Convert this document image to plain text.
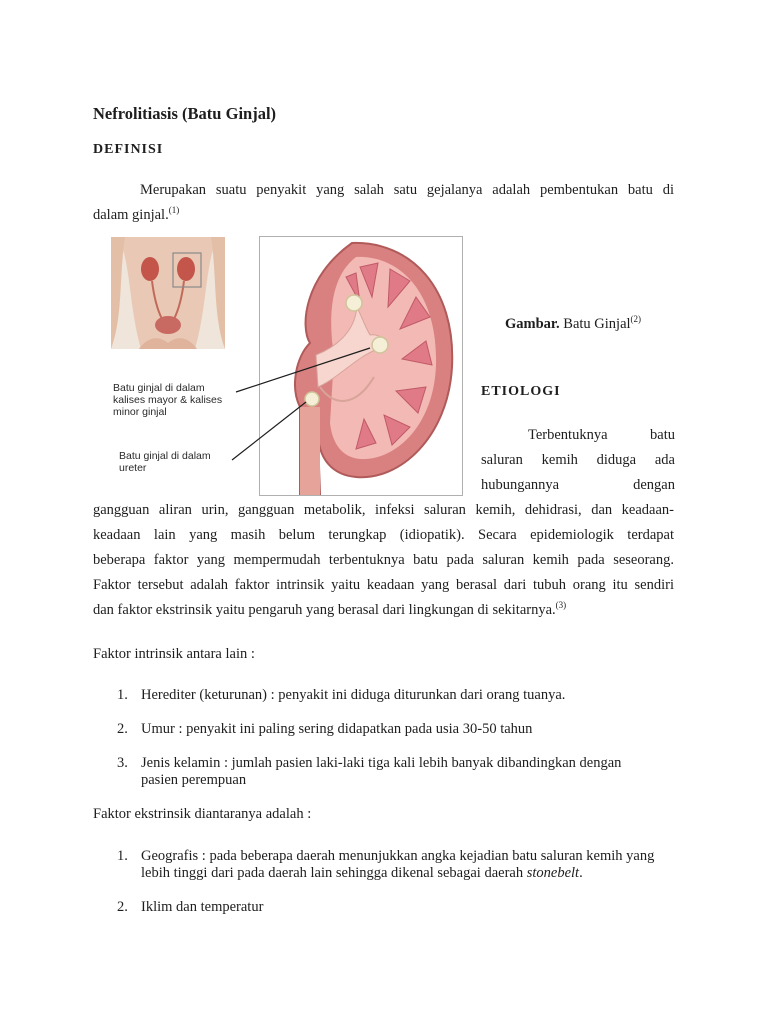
Nefrolitiasis (Batu Ginjal)
DEFINISI
Merupakan suatu penyakit yang salah satu gejalanya adalah pembentukan batu di
dalam ginjal.$^{(1)}$
Batu ginjal di dalam kalises mayor & kalises minor ginjal
Batu ginjal di dalam ureter
Gambar. Batu Ginjal$^{(2)}$
ETIOLOGI
Terbentuknya batu
saluran kemih diduga ada
hubungannya dengan
gangguan aliran urin, gangguan metabolik, infeksi saluran kemih, dehidrasi, dan keadaan-
keadaan lain yang masih belum terungkap (idiopatik). Secara epidemiologik terdapat
beberapa faktor yang mempermudah terbentuknya batu pada saluran kemih pada seseorang.
Faktor tersebut adalah faktor intrinsik yaitu keadaan yang berasal dari tubuh orang itu sendiri
dan faktor ekstrinsik yaitu pengaruh yang berasal dari lingkungan di sekitarnya.$^{(3)}$
Faktor intrinsik antara lain :
1. Herediter (keturunan) : penyakit ini diduga diturunkan dari orang tuanya.
2. Umur : penyakit ini paling sering didapatkan pada usia 30-50 tahun
3. Jenis kelamin : jumlah pasien laki-laki tiga kali lebih banyak dibandingkan dengan pasien perempuan
Faktor ekstrinsik diantaranya adalah :
1. Geografis : pada beberapa daerah menunjukkan angka kejadian batu saluran kemih yang lebih tinggi dari pada daerah lain sehingga dikenal sebagai daerah stonebelt.
2. Iklim dan temperatur
